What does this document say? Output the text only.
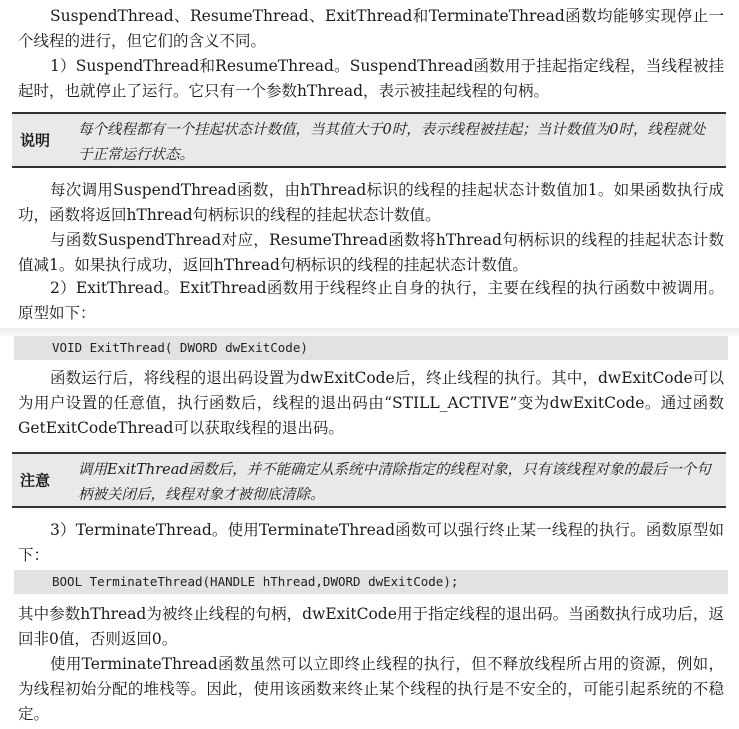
SuspendThread、ResumeThread、ExitThread和TerminateThread函数均能够实现停止一个线程的进行，但它们的含义不同。

1）SuspendThread和ResumeThread。SuspendThread函数用于挂起指定线程，当线程被挂起时，也就停止了运行。它只有一个参数hThread，表示被挂起线程的句柄。

说明
每个线程都有一个挂起状态计数值，当其值大于0时，表示线程被挂起；当计数值为0时，线程就处于正常运行状态。

每次调用SuspendThread函数，由hThread标识的线程的挂起状态计数值加1。如果函数执行成功，函数将返回hThread句柄标识的线程的挂起状态计数值。

与函数SuspendThread对应，ResumeThread函数将hThread句柄标识的线程的挂起状态计数值减1。如果执行成功，返回hThread句柄标识的线程的挂起状态计数值。

2）ExitThread。ExitThread函数用于线程终止自身的执行，主要在线程的执行函数中被调用。原型如下：

VOID ExitThread( DWORD dwExitCode)

函数运行后，将线程的退出码设置为dwExitCode后，终止线程的执行。其中，dwExitCode可以为用户设置的任意值，执行函数后，线程的退出码由“STILL_ACTIVE”变为dwExitCode。通过函数GetExitCodeThread可以获取线程的退出码。

注意
调用ExitThread函数后，并不能确定从系统中清除指定的线程对象，只有该线程对象的最后一个句柄被关闭后，线程对象才被彻底清除。

3）TerminateThread。使用TerminateThread函数可以强行终止某一线程的执行。函数原型如下：

BOOL TerminateThread(HANDLE hThread,DWORD dwExitCode);

其中参数hThread为被终止线程的句柄，dwExitCode用于指定线程的退出码。当函数执行成功后，返回非0值，否则返回0。

使用TerminateThread函数虽然可以立即终止线程的执行，但不释放线程所占用的资源，例如，为线程初始分配的堆栈等。因此，使用该函数来终止某个线程的执行是不安全的，可能引起系统的不稳定。
